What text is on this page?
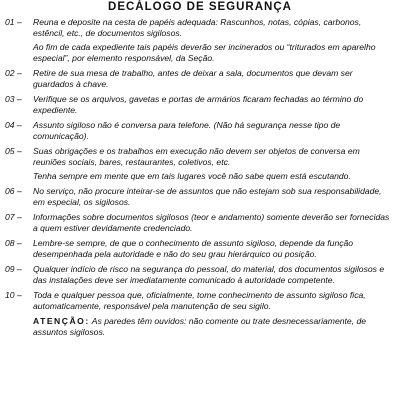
DECÁLOGO DE SEGURANÇA
01 –	Reuna e deposite na cesta de papéis adequada: Rascunhos, notas, cópias, carbonos, estêncil, etc., de documentos sigilosos.

Ao fim de cada expediente tais papéis deverão ser incinerados ou “triturados em aparelho especial”, por elemento responsável, da Seção.

02 –	Retire de sua mesa de trabalho, antes de deixar a sala, documentos que devam ser guardados à chave.

03 –	Verifique se os arquivos, gavetas e portas de armários ficaram fechadas ao término do expediente.

04 –	Assunto sigiloso não é conversa para telefone. (Não há segurança nesse tipo de comunicação).

05 –	Suas obrigações e os trabalhos em execução não devem ser objetos de conversa em reuniões sociais, bares, restaurantes, coletivos, etc.

Tenha sempre em mente que em tais lugares você não sabe quem está escutando.

06 –	No serviço, não procure inteirar-se de assuntos que não estejam sob sua responsabilidade, em especial, os sigilosos.

07 –	Informações sobre documentos sigilosos (teor e andamento) somente deverão ser fornecidas a quem estiver devidamente credenciado.

08 –	Lembre-se sempre, de que o conhecimento de assunto sigiloso, depende da função desempenhada pela autoridade e não do seu grau hierárquico ou posição.

09 –	Qualquer indício de risco na segurança do pessoal, do material, dos documentos sigilosos e das instalações deve ser imediatamente comunicado à autoridade competente.

10 –	Toda e qualquer pessoa que, oficialmente, tome conhecimento de assunto sigiloso fica, automaticamente, responsável pela manutenção de seu sigilo.

ATENÇÃO: As paredes têm ouvidos: não comente ou trate desnecessariamente, de assuntos sigilosos.
